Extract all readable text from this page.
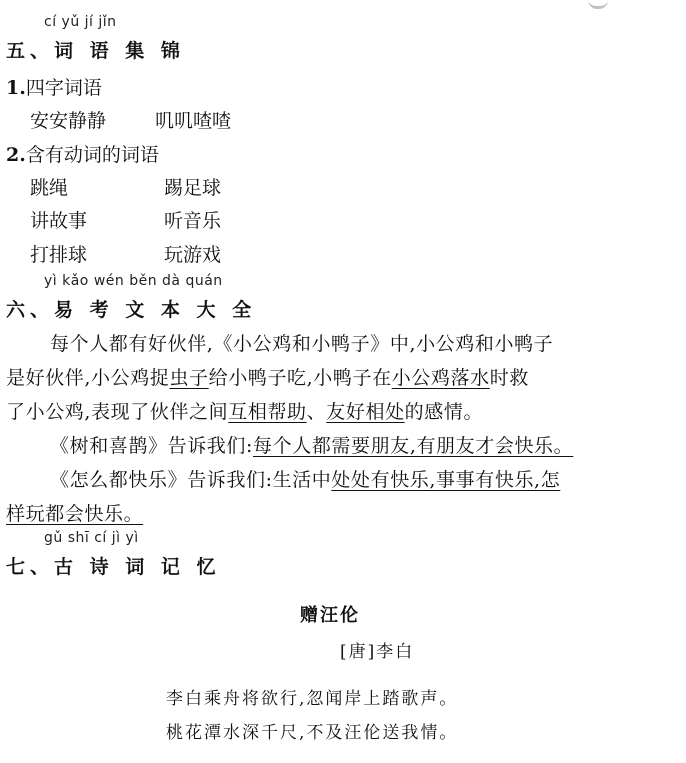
cí yǔ jí jǐn
五、词 语 集 锦
1.四字词语
安安静静	叽叽喳喳
2.含有动词的词语
跳绳	踢足球
讲故事	听音乐
打排球	玩游戏
yì kǎo wén běn dà quán
六、易 考 文 本 大 全
每个人都有好伙伴,《小公鸡和小鸭子》中,小公鸡和小鸭子
是好伙伴,小公鸡捉虫子给小鸭子吃,小鸭子在小公鸡落水时救
了小公鸡,表现了伙伴之间互相帮助、友好相处的感情。
《树和喜鹊》告诉我们:每个人都需要朋友,有朋友才会快乐。
《怎么都快乐》告诉我们:生活中处处有快乐,事事有快乐,怎
样玩都会快乐。
gǔ shī cí jì yì
七、古 诗 词 记 忆
赠汪伦
[唐]李白
李白乘舟将欲行,忽闻岸上踏歌声。
桃花潭水深千尺,不及汪伦送我情。
